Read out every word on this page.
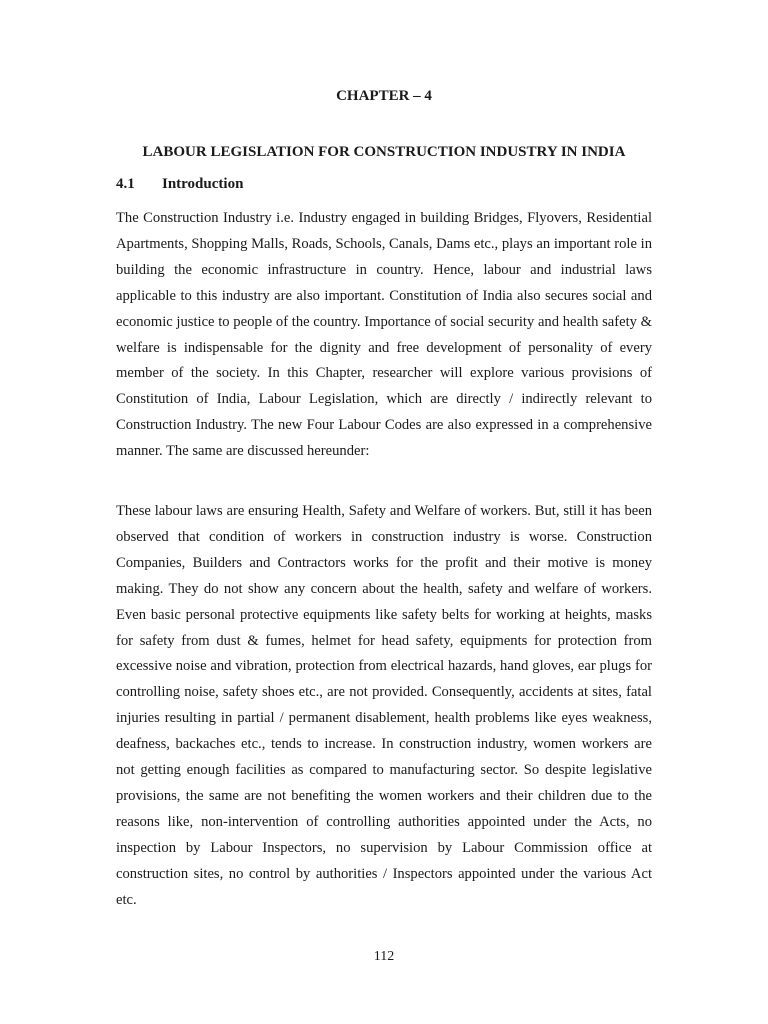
CHAPTER – 4
LABOUR LEGISLATION FOR CONSTRUCTION INDUSTRY IN INDIA
4.1 Introduction

The Construction Industry i.e. Industry engaged in building Bridges, Flyovers, Residential Apartments, Shopping Malls, Roads, Schools, Canals, Dams etc., plays an important role in building the economic infrastructure in country. Hence, labour and industrial laws applicable to this industry are also important. Constitution of India also secures social and economic justice to people of the country. Importance of social security and health safety & welfare is indispensable for the dignity and free development of personality of every member of the society. In this Chapter, researcher will explore various provisions of Constitution of India, Labour Legislation, which are directly / indirectly relevant to Construction Industry. The new Four Labour Codes are also expressed in a comprehensive manner. The same are discussed hereunder:

These labour laws are ensuring Health, Safety and Welfare of workers. But, still it has been observed that condition of workers in construction industry is worse. Construction Companies, Builders and Contractors works for the profit and their motive is money making. They do not show any concern about the health, safety and welfare of workers. Even basic personal protective equipments like safety belts for working at heights, masks for safety from dust & fumes, helmet for head safety, equipments for protection from excessive noise and vibration, protection from electrical hazards, hand gloves, ear plugs for controlling noise, safety shoes etc., are not provided. Consequently, accidents at sites, fatal injuries resulting in partial / permanent disablement, health problems like eyes weakness, deafness, backaches etc., tends to increase. In construction industry, women workers are not getting enough facilities as compared to manufacturing sector. So despite legislative provisions, the same are not benefiting the women workers and their children due to the reasons like, non-intervention of controlling authorities appointed under the Acts, no inspection by Labour Inspectors, no supervision by Labour Commission office at construction sites, no control by authorities / Inspectors appointed under the various Act etc.

112
